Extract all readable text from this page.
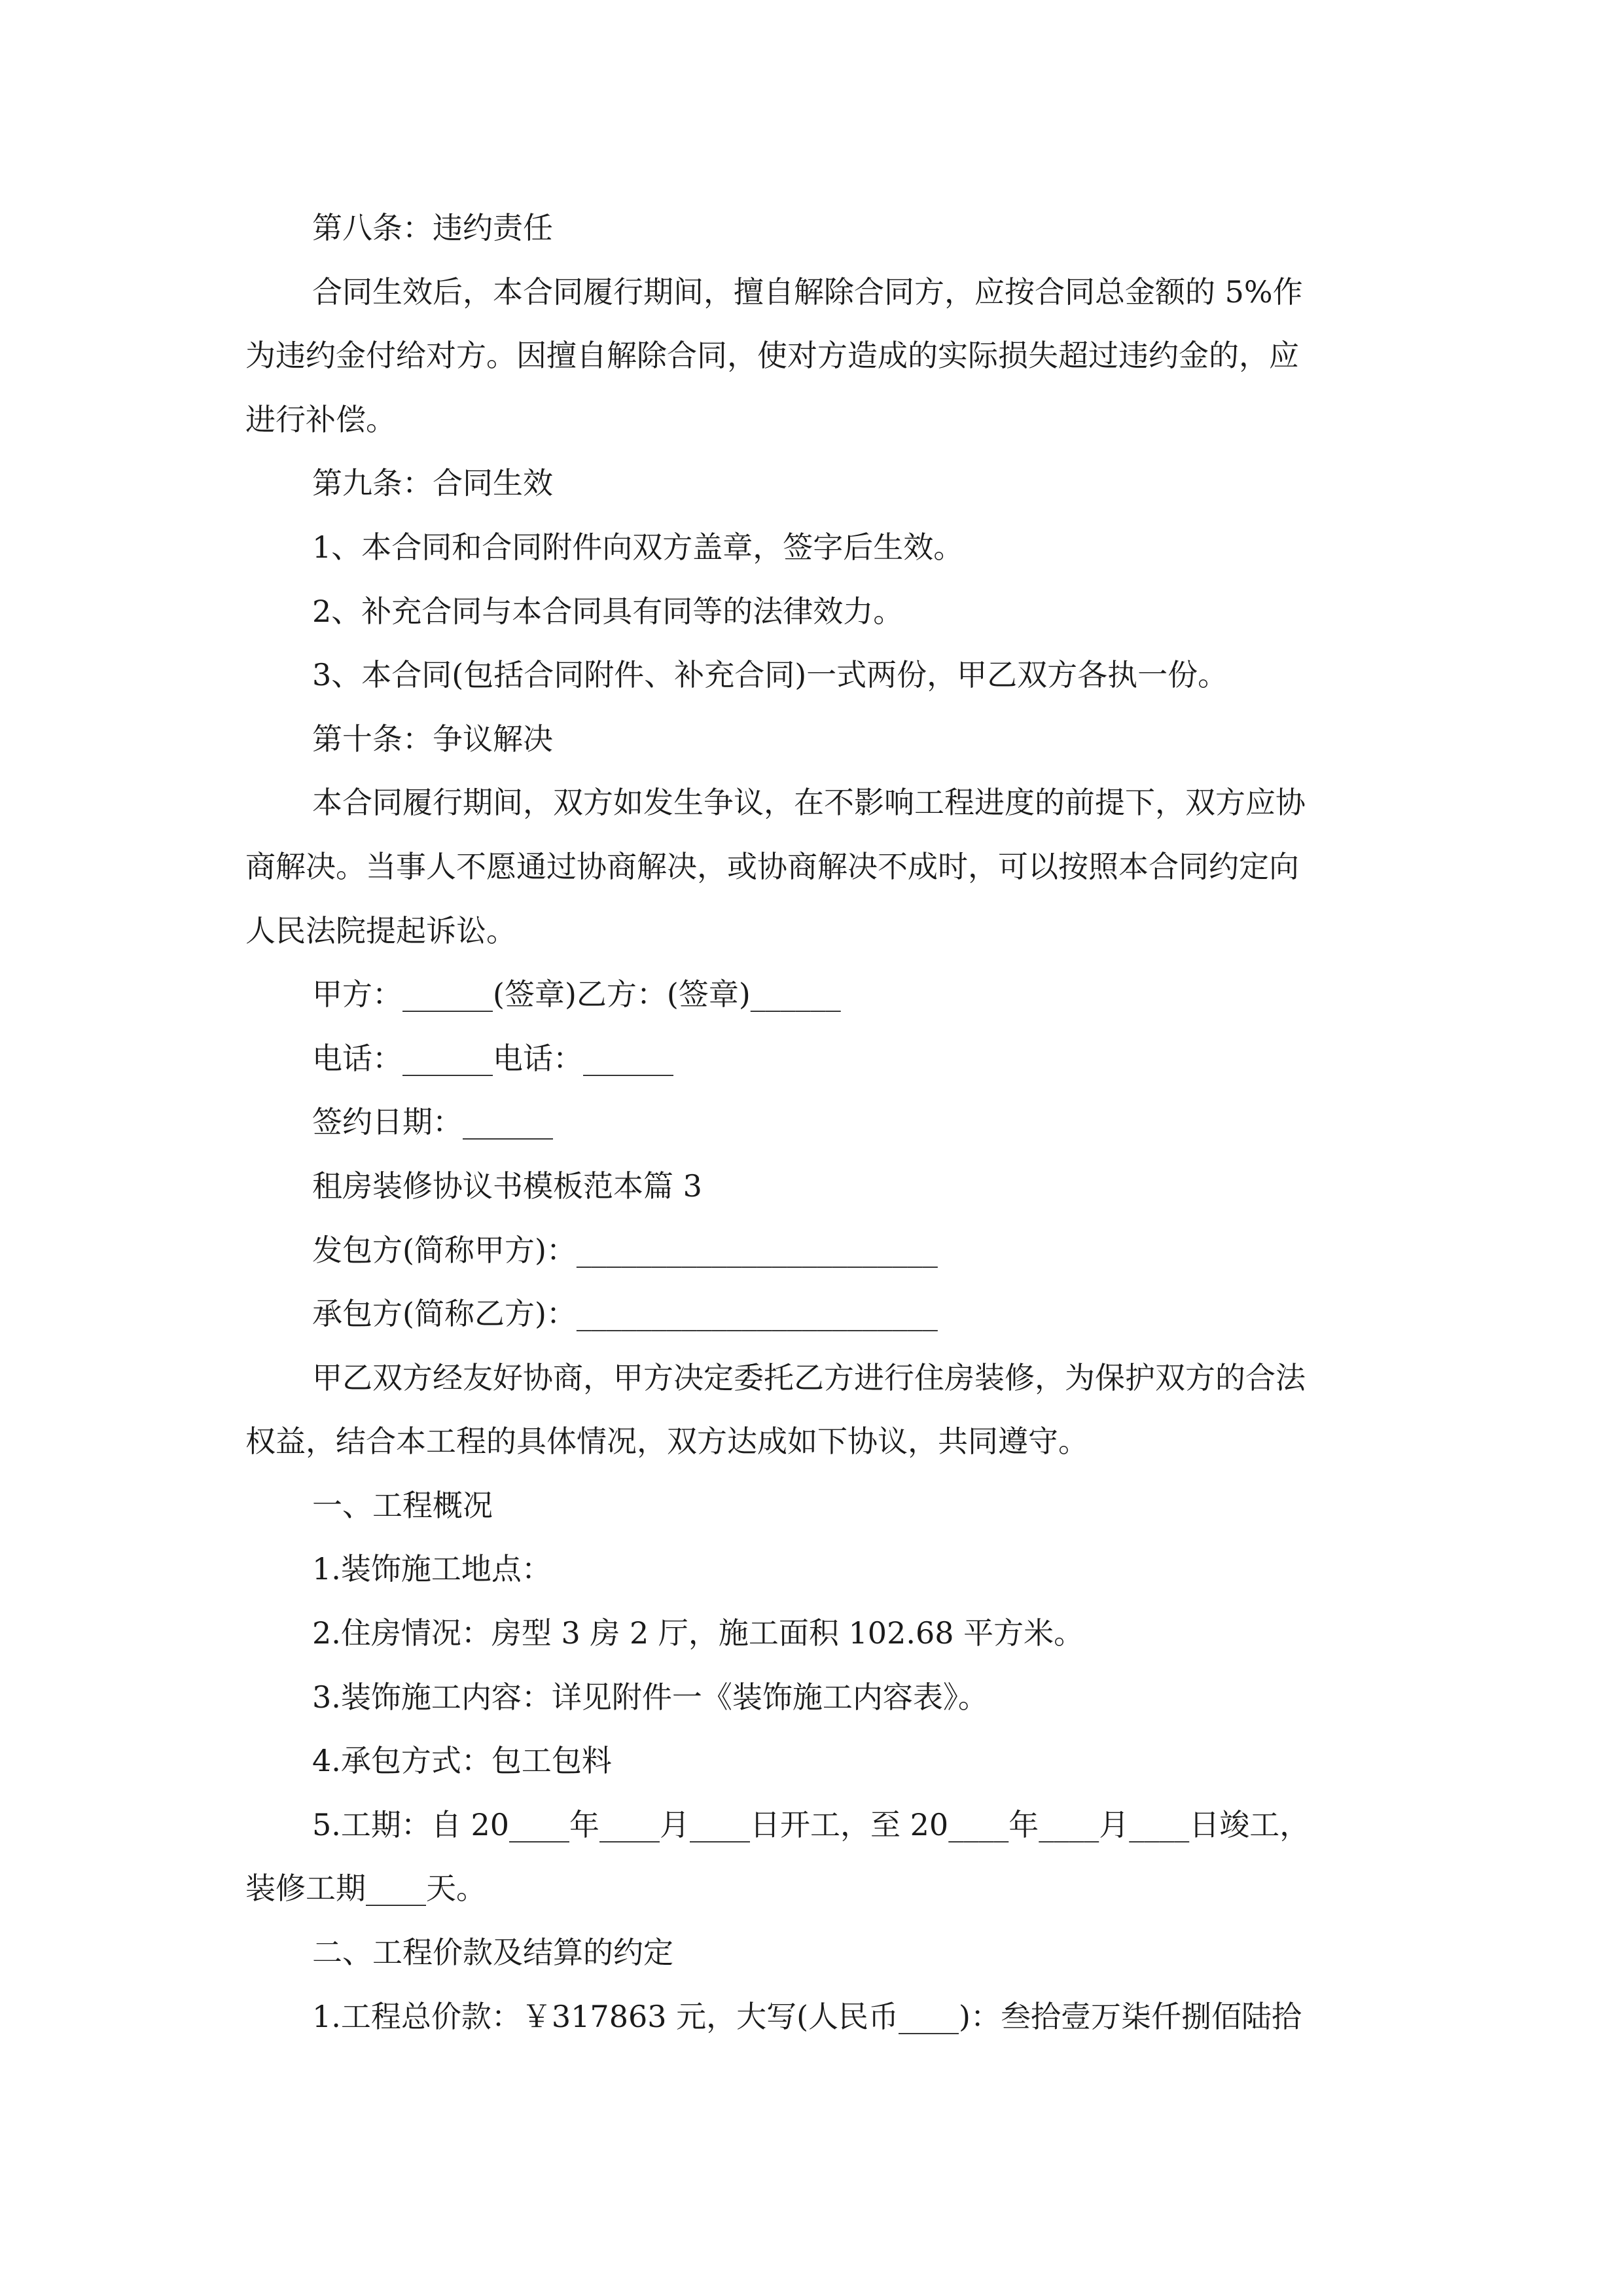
第八条：违约责任

合同生效后，本合同履行期间，擅自解除合同方，应按合同总金额的 5%作

为违约金付给对方。因擅自解除合同，使对方造成的实际损失超过违约金的，应

进行补偿。

第九条：合同生效

1、本合同和合同附件向双方盖章，签字后生效。

2、补充合同与本合同具有同等的法律效力。

3、本合同(包括合同附件、补充合同)一式两份，甲乙双方各执一份。

第十条：争议解决

本合同履行期间，双方如发生争议，在不影响工程进度的前提下，双方应协

商解决。当事人不愿通过协商解决，或协商解决不成时，可以按照本合同约定向

人民法院提起诉讼。

甲方：______(签章)乙方：(签章)______

电话：______电话：______

签约日期：______

租房装修协议书模板范本篇 3

发包方(简称甲方)：________________________

承包方(简称乙方)：________________________

甲乙双方经友好协商，甲方决定委托乙方进行住房装修，为保护双方的合法

权益，结合本工程的具体情况，双方达成如下协议，共同遵守。

一、工程概况

1.装饰施工地点：

2.住房情况：房型 3 房 2 厅，施工面积 102.68 平方米。

3.装饰施工内容：详见附件一《装饰施工内容表》。

4.承包方式：包工包料

5.工期：自 20____年____月____日开工，至 20____年____月____日竣工，

装修工期____天。

二、工程价款及结算的约定

1.工程总价款：￥317863 元，大写(人民币____)：叁拾壹万柒仟捌佰陆拾
